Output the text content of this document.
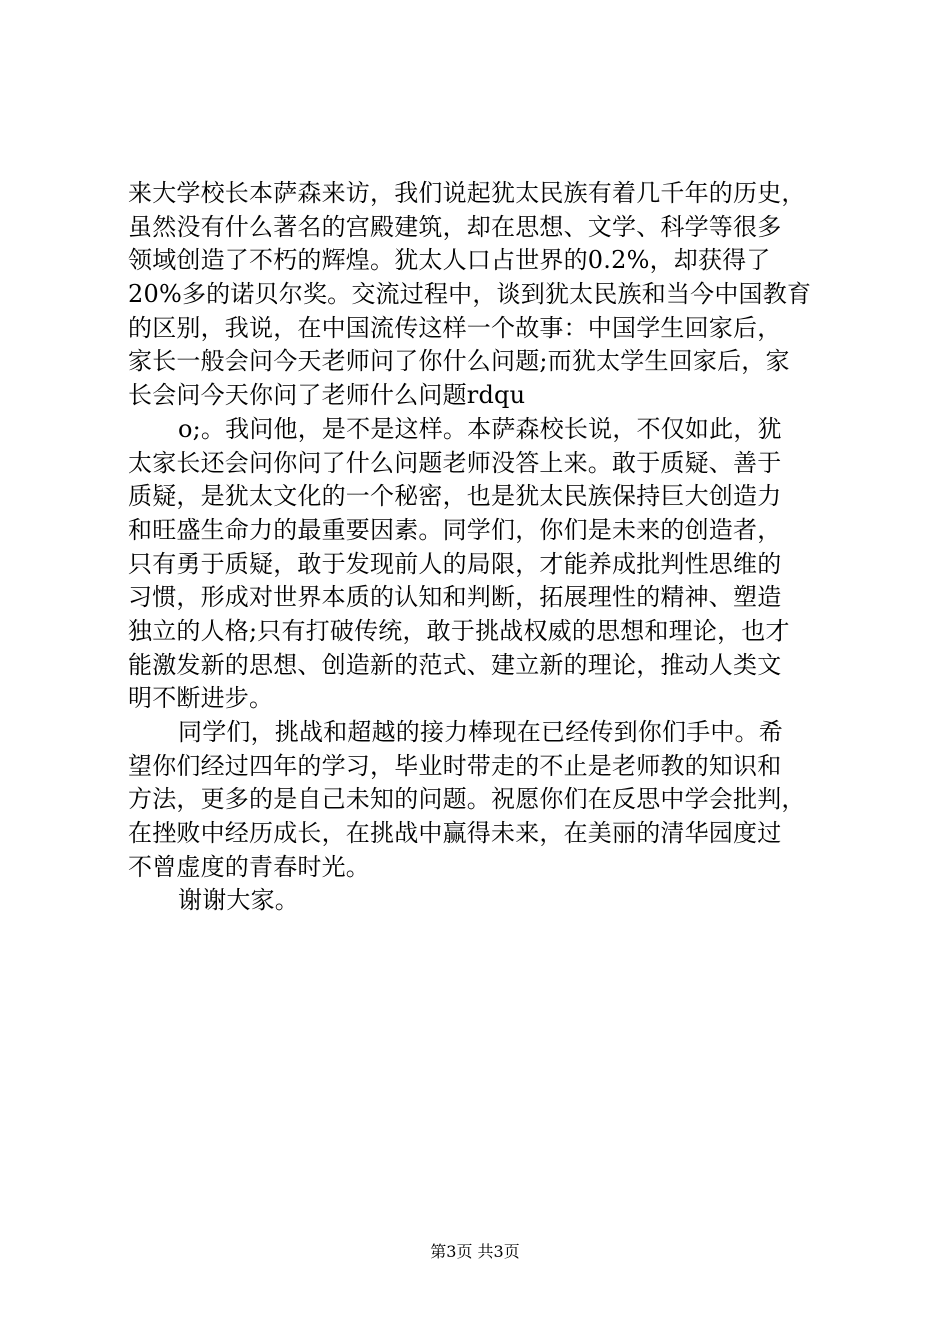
来大学校长本萨森来访，我们说起犹太民族有着几千年的历史，
虽然没有什么著名的宫殿建筑，却在思想、文学、科学等很多
领域创造了不朽的辉煌。犹太人口占世界的0.2%，却获得了
20%多的诺贝尔奖。交流过程中，谈到犹太民族和当今中国教育
的区别，我说，在中国流传这样一个故事：中国学生回家后，
家长一般会问今天老师问了你什么问题;而犹太学生回家后，家
长会问今天你问了老师什么问题rdqu
o;。我问他，是不是这样。本萨森校长说，不仅如此，犹
太家长还会问你问了什么问题老师没答上来。敢于质疑、善于
质疑，是犹太文化的一个秘密，也是犹太民族保持巨大创造力
和旺盛生命力的最重要因素。同学们，你们是未来的创造者，
只有勇于质疑，敢于发现前人的局限，才能养成批判性思维的
习惯，形成对世界本质的认知和判断，拓展理性的精神、塑造
独立的人格;只有打破传统，敢于挑战权威的思想和理论，也才
能激发新的思想、创造新的范式、建立新的理论，推动人类文
明不断进步。
同学们，挑战和超越的接力棒现在已经传到你们手中。希
望你们经过四年的学习，毕业时带走的不止是老师教的知识和
方法，更多的是自己未知的问题。祝愿你们在反思中学会批判，
在挫败中经历成长，在挑战中赢得未来，在美丽的清华园度过
不曾虚度的青春时光。
谢谢大家。
第3页 共3页
